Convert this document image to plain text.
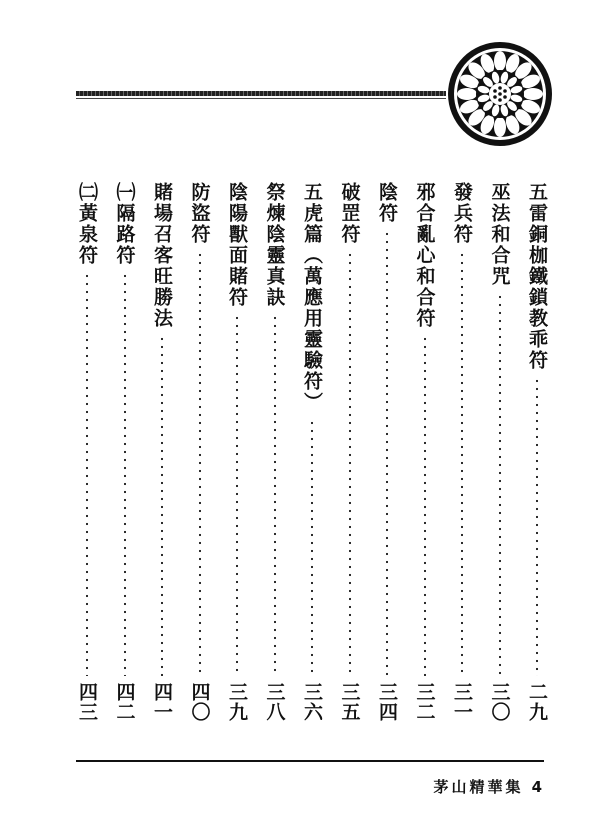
五雷銅枷鐵鎖教乖符
二九
巫法和合咒
三〇
發兵符
三一
邪合亂心和合符
三二
陰符
三四
破罡符
三五
五虎篇（萬應用靈驗符）
三六
祭煉陰靈真訣
三八
陰陽獸面賭符
三九
防盜符
四〇
賭場召客旺勝法
四一
㈠隔路符
四二
㈡黃泉符
四三
茅山精華集 4
